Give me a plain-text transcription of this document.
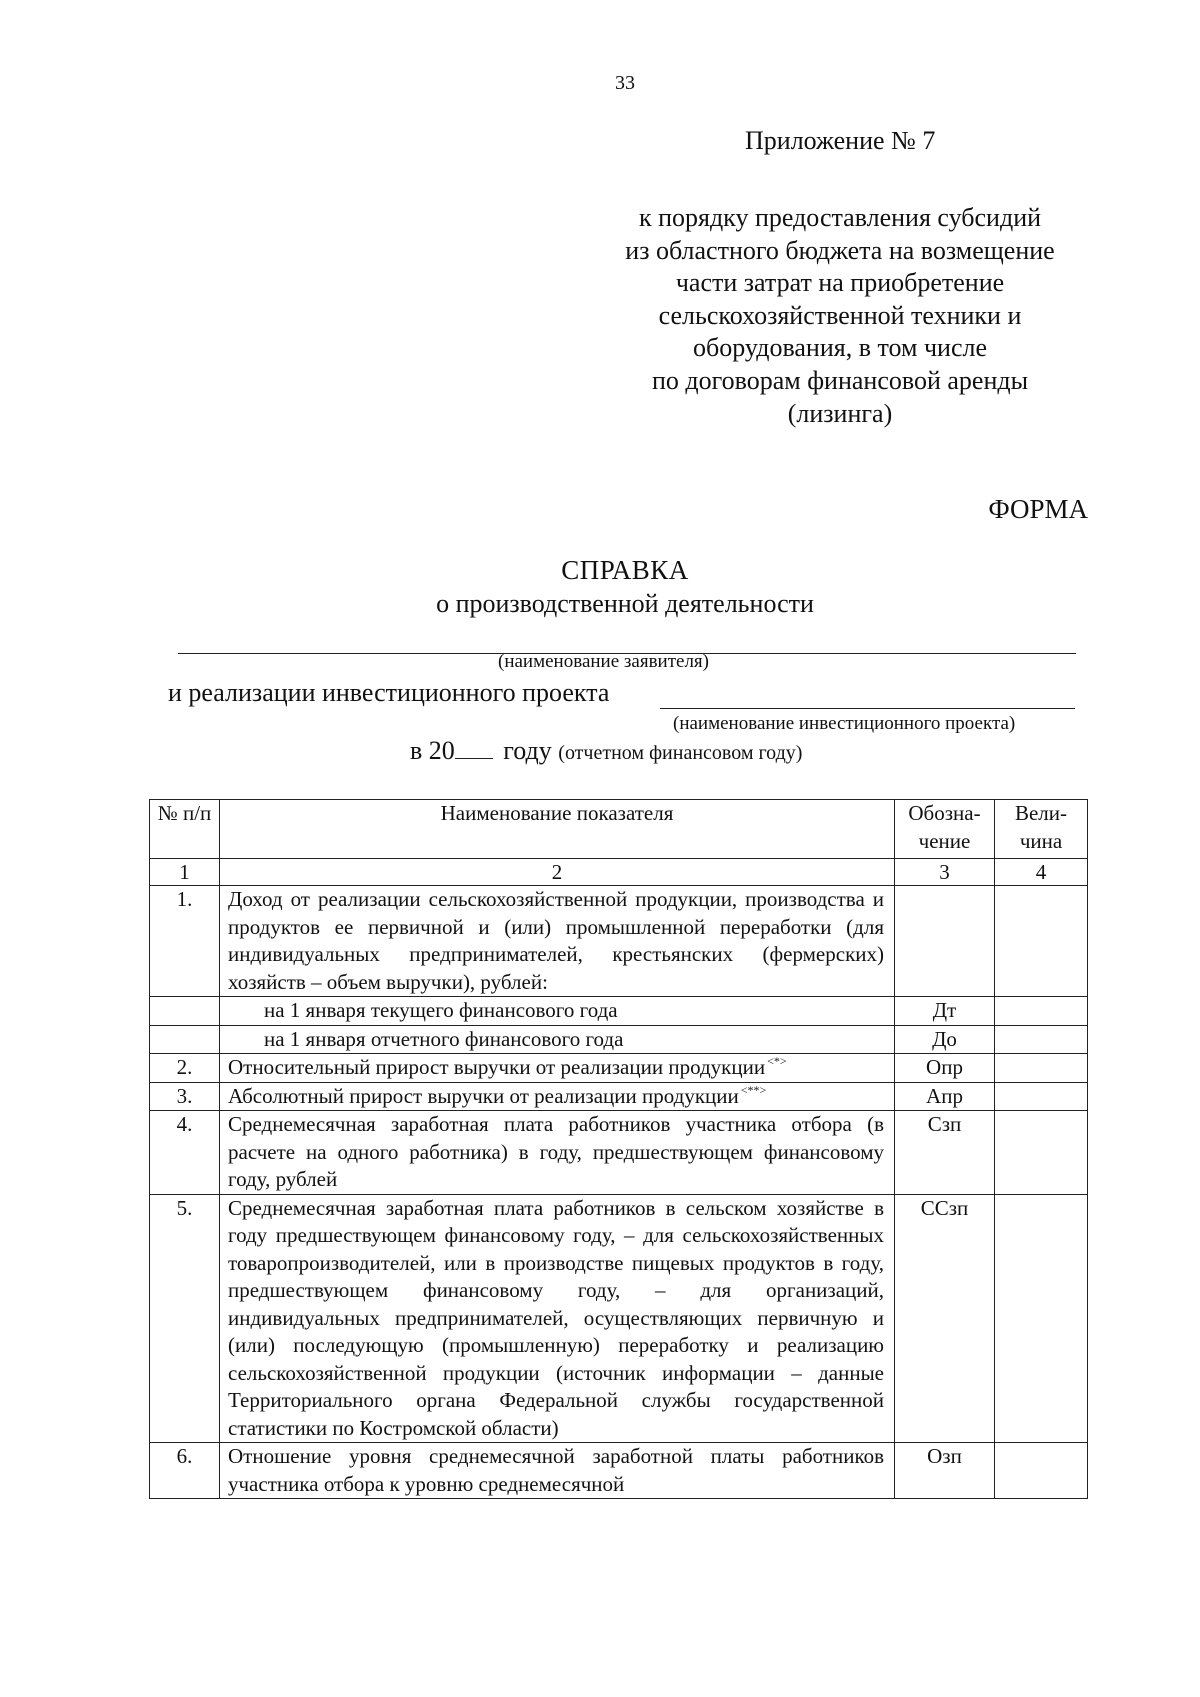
33
Приложение № 7
к порядку предоставления субсидий
из областного бюджета на возмещение
части затрат на приобретение
сельскохозяйственной техники и
оборудования, в том числе
по договорам финансовой аренды
(лизинга)
ФОРМА
СПРАВКА
о производственной деятельности
(наименование заявителя)
и реализации инвестиционного проекта
(наименование инвестиционного проекта)
в 20 году (отчетном финансовом году)
№ п/п	Наименование показателя	Обозна- чение	Вели- чина
1	2	3	4
1.	Доход от реализации сельскохозяйственной продукции, производства и продуктов ее первичной и (или) промышленной переработки (для индивидуальных предпринимателей, крестьянских (фермерских) хозяйств – объем выручки), рублей:		
	на 1 января текущего финансового года	Дт	
	на 1 января отчетного финансового года	До	
2.	Относительный прирост выручки от реализации продукции <*>	Опр	
3.	Абсолютный прирост выручки от реализации продукции <**>	Апр	
4.	Среднемесячная заработная плата работников участника отбора (в расчете на одного работника) в году, предшествующем финансовому году, рублей	Сзп	
5.	Среднемесячная заработная плата работников в сельском хозяйстве в году предшествующем финансовому году, – для сельскохозяйственных товаропроизводителей, или в производстве пищевых продуктов в году, предшествующем финансовому году, – для организаций, индивидуальных предпринимателей, осуществляющих первичную и (или) последующую (промышленную) переработку и реализацию сельскохозяйственной продукции (источник информации – данные Территориального органа Федеральной службы государственной статистики по Костромской области)	ССзп	
6.	Отношение уровня среднемесячной заработной платы работников участника отбора к уровню среднемесячной	Озп	
